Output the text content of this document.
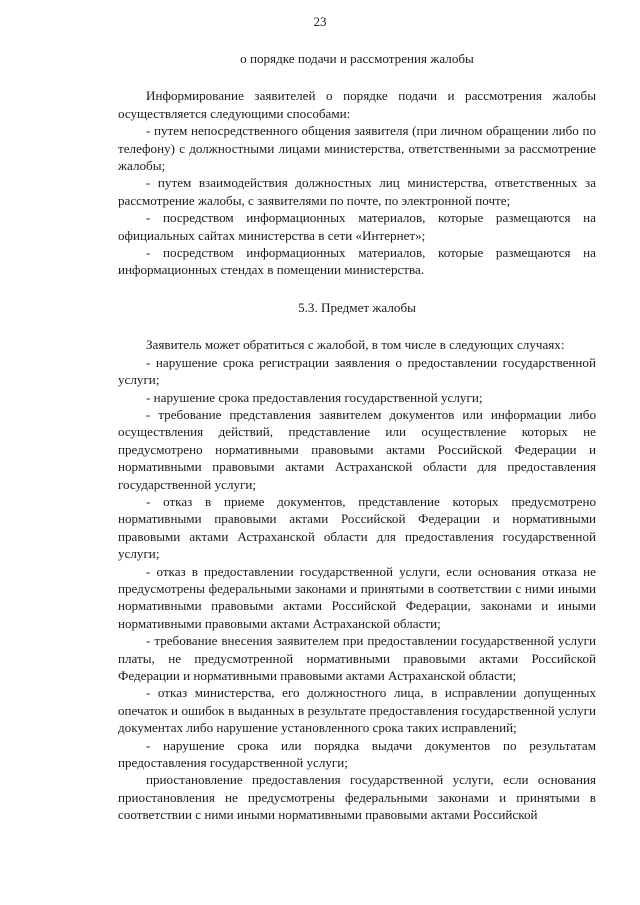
23
о порядке подачи и рассмотрения жалобы

Информирование заявителей о порядке подачи и рассмотрения жалобы осуществляется следующими способами:

- путем непосредственного общения заявителя (при личном обращении либо по телефону) с должностными лицами министерства, ответственными за рассмотрение жалобы;

- путем взаимодействия должностных лиц министерства, ответственных за рассмотрение жалобы, с заявителями по почте, по электронной почте;

- посредством информационных материалов, которые размещаются на официальных сайтах министерства в сети «Интернет»;

- посредством информационных материалов, которые размещаются на информационных стендах в помещении министерства.

5.3. Предмет жалобы

Заявитель может обратиться с жалобой, в том числе в следующих случаях:

- нарушение срока регистрации заявления о предоставлении государственной услуги;

- нарушение срока предоставления государственной услуги;

- требование представления заявителем документов или информации либо осуществления действий, представление или осуществление которых не предусмотрено нормативными правовыми актами Российской Федерации и нормативными правовыми актами Астраханской области для предоставления государственной услуги;

- отказ в приеме документов, представление которых предусмотрено нормативными правовыми актами Российской Федерации и нормативными правовыми актами Астраханской области для предоставления государственной услуги;

- отказ в предоставлении государственной услуги, если основания отказа не предусмотрены федеральными законами и принятыми в соответствии с ними иными нормативными правовыми актами Российской Федерации, законами и иными нормативными правовыми актами Астраханской области;

- требование внесения заявителем при предоставлении государственной услуги платы, не предусмотренной нормативными правовыми актами Российской Федерации и нормативными правовыми актами Астраханской области;

- отказ министерства, его должностного лица, в исправлении допущенных опечаток и ошибок в выданных в результате предоставления государственной услуги документах либо нарушение установленного срока таких исправлений;

- нарушение срока или порядка выдачи документов по результатам предоставления государственной услуги;

приостановление предоставления государственной услуги, если основания приостановления не предусмотрены федеральными законами и принятыми в соответствии с ними иными нормативными правовыми актами Российской
